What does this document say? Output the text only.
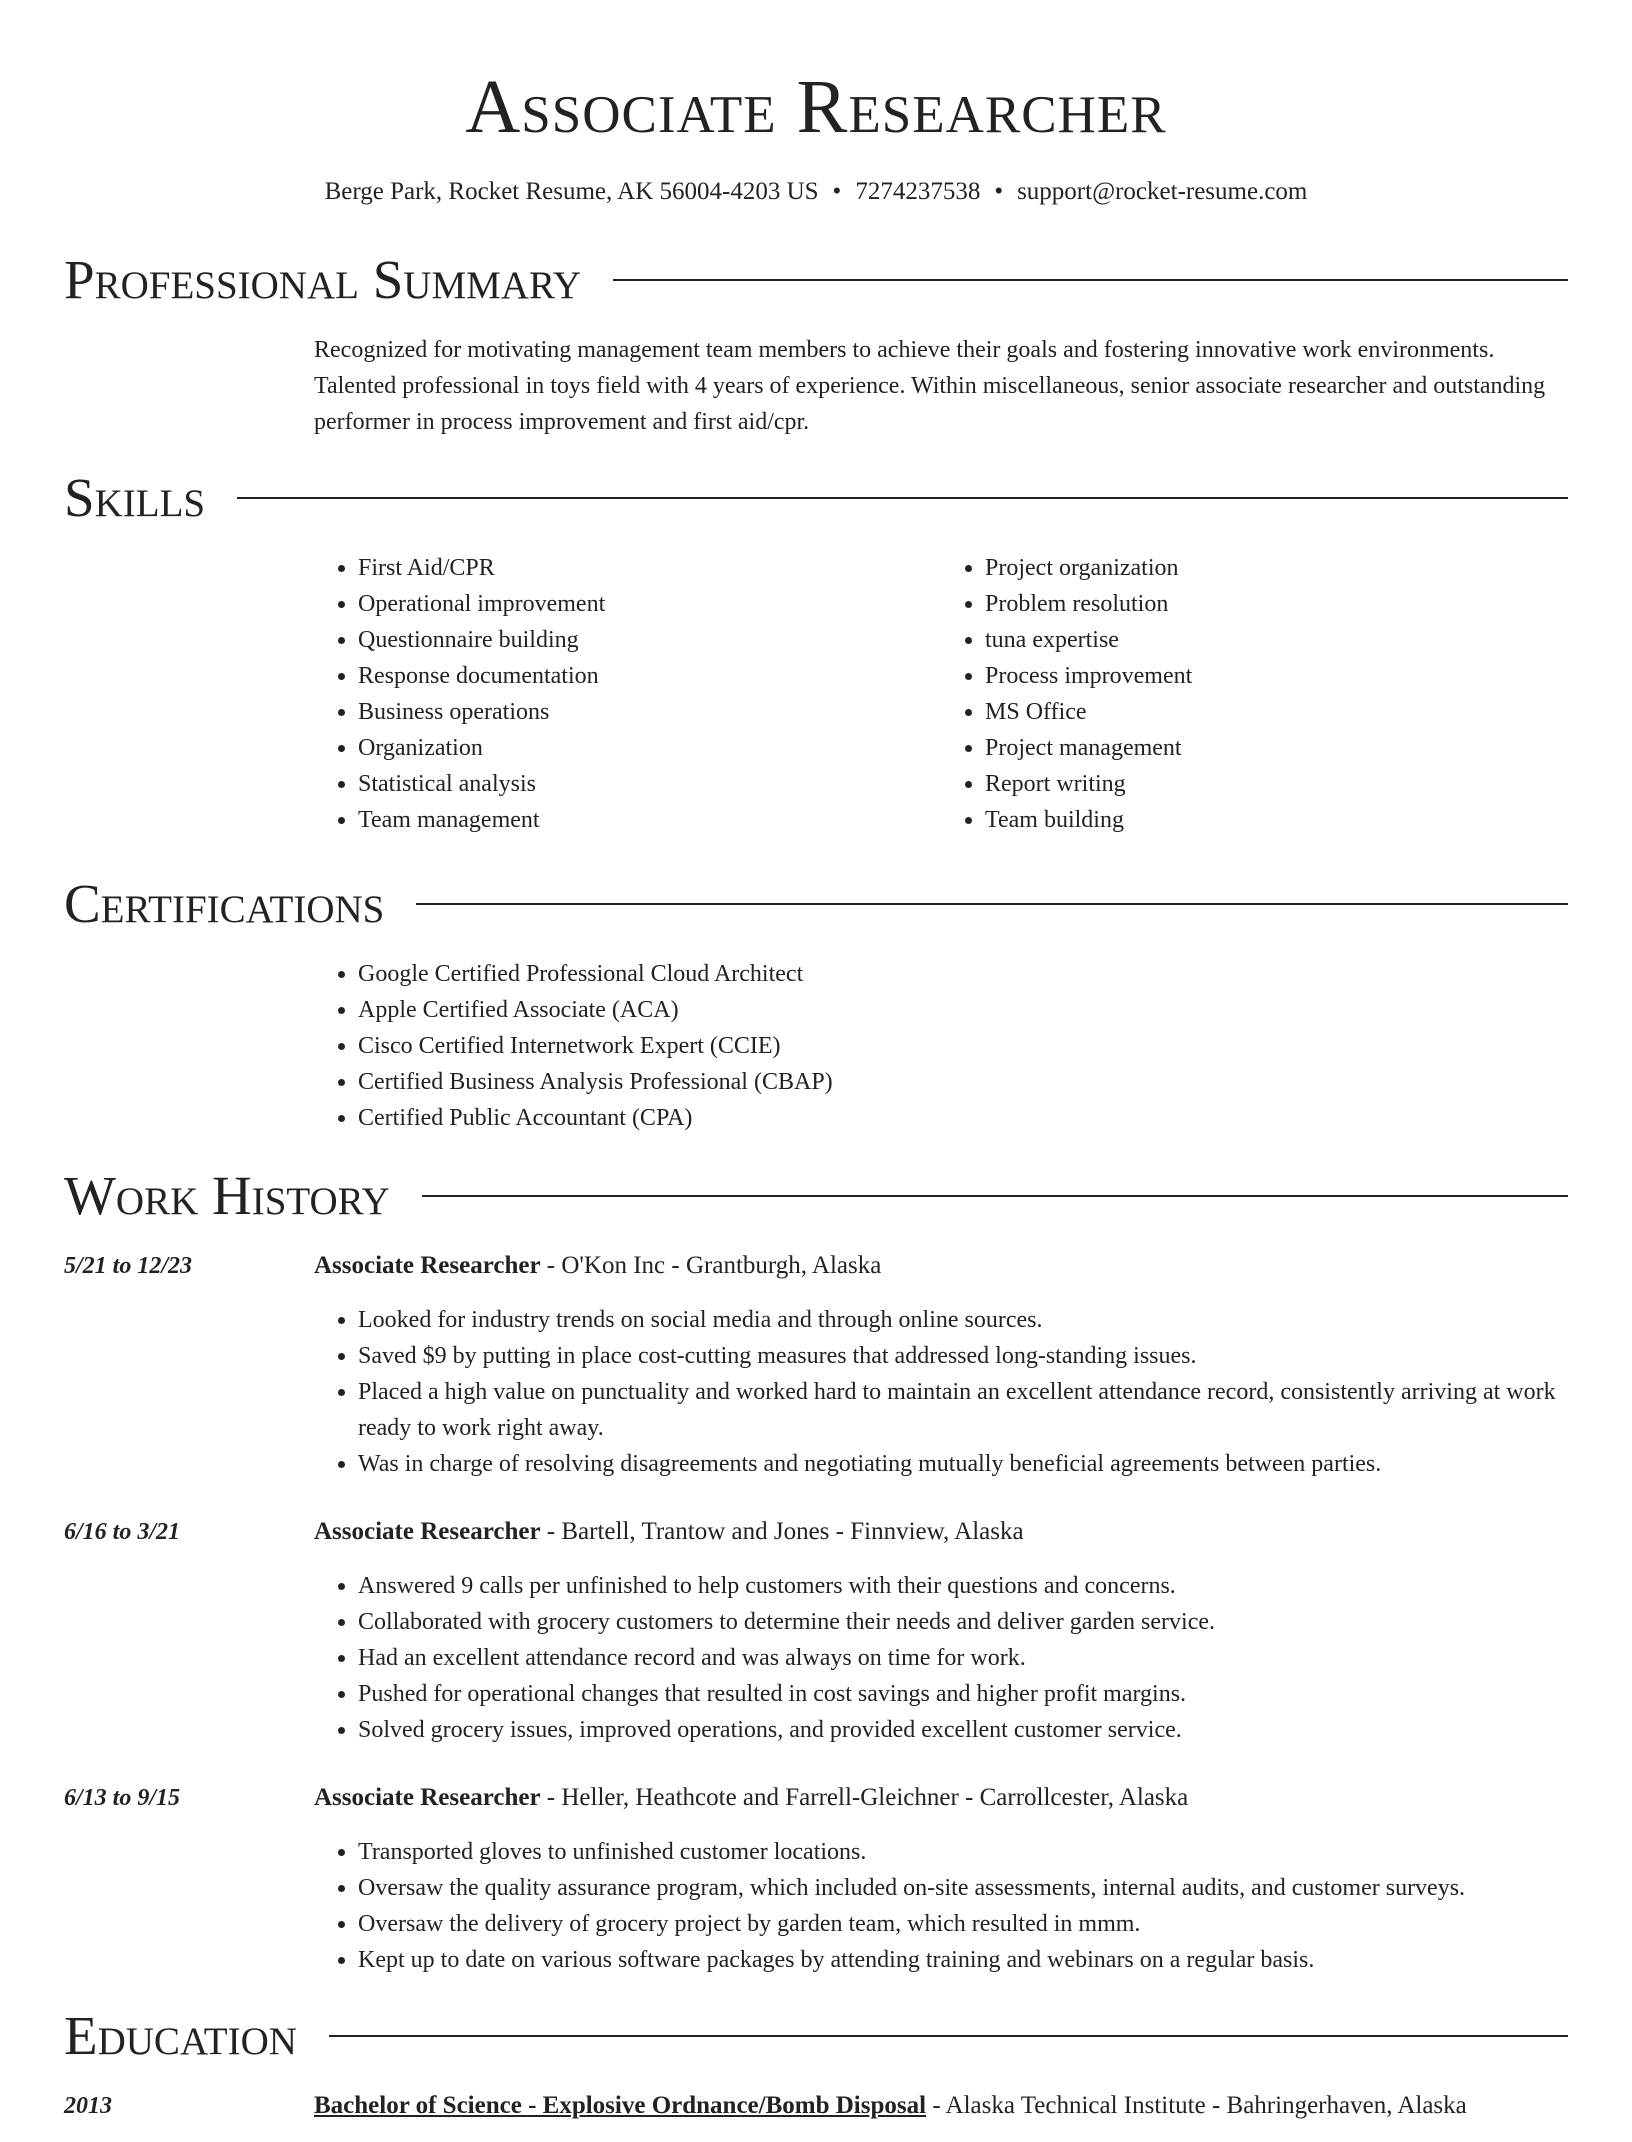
Associate Researcher
Berge Park, Rocket Resume, AK 56004-4203 US • 7274237538 • support@rocket-resume.com
Professional Summary

Recognized for motivating management team members to achieve their goals and fostering innovative work environments. Talented professional in toys field with 4 years of experience. Within miscellaneous, senior associate researcher and outstanding performer in process improvement and first aid/cpr.

Skills
• First Aid/CPR
• Operational improvement
• Questionnaire building
• Response documentation
• Business operations
• Organization
• Statistical analysis
• Team management
• Project organization
• Problem resolution
• tuna expertise
• Process improvement
• MS Office
• Project management
• Report writing
• Team building
Certifications
• Google Certified Professional Cloud Architect
• Apple Certified Associate (ACA)
• Cisco Certified Internetwork Expert (CCIE)
• Certified Business Analysis Professional (CBAP)
• Certified Public Accountant (CPA)
Work History
5/21 to 12/23	Associate Researcher - O'Kon Inc - Grantburgh, Alaska
• Looked for industry trends on social media and through online sources.
• Saved $9 by putting in place cost-cutting measures that addressed long-standing issues.
• Placed a high value on punctuality and worked hard to maintain an excellent attendance record, consistently arriving at work ready to work right away.
• Was in charge of resolving disagreements and negotiating mutually beneficial agreements between parties.
6/16 to 3/21	Associate Researcher - Bartell, Trantow and Jones - Finnview, Alaska
• Answered 9 calls per unfinished to help customers with their questions and concerns.
• Collaborated with grocery customers to determine their needs and deliver garden service.
• Had an excellent attendance record and was always on time for work.
• Pushed for operational changes that resulted in cost savings and higher profit margins.
• Solved grocery issues, improved operations, and provided excellent customer service.
6/13 to 9/15	Associate Researcher - Heller, Heathcote and Farrell-Gleichner - Carrollcester, Alaska
• Transported gloves to unfinished customer locations.
• Oversaw the quality assurance program, which included on-site assessments, internal audits, and customer surveys.
• Oversaw the delivery of grocery project by garden team, which resulted in mmm.
• Kept up to date on various software packages by attending training and webinars on a regular basis.
Education
2013	Bachelor of Science - Explosive Ordnance/Bomb Disposal - Alaska Technical Institute - Bahringerhaven, Alaska
